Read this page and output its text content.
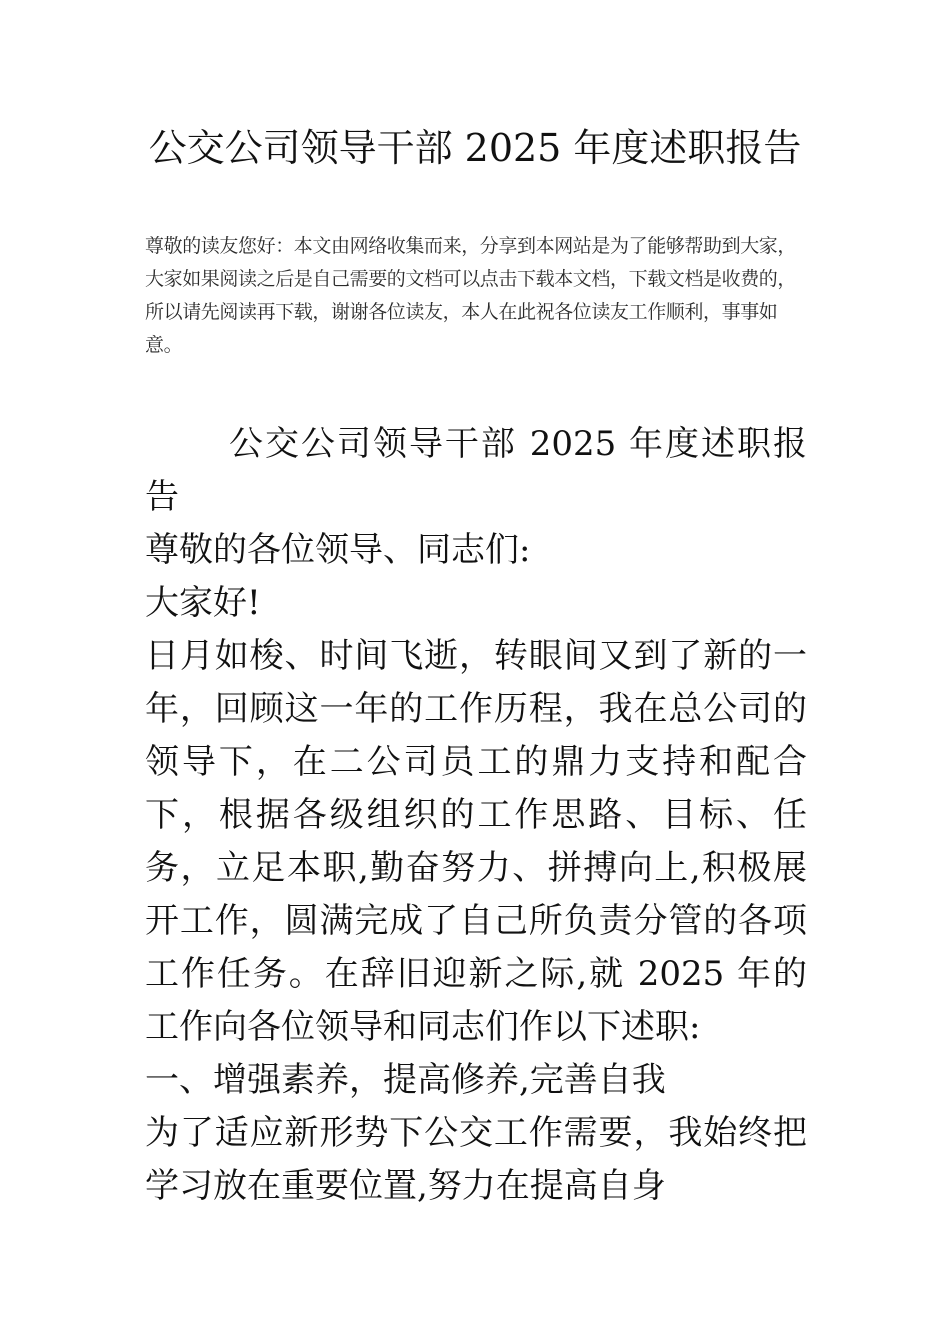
公交公司领导干部 2025 年度述职报告

尊敬的读友您好：本文由网络收集而来，分享到本网站是为了能够帮助到大家，大家如果阅读之后是自己需要的文档可以点击下载本文档，下载文档是收费的，所以请先阅读再下载，谢谢各位读友，本人在此祝各位读友工作顺利，事事如意。

公交公司领导干部 2025 年度述职报告

尊敬的各位领导、同志们:

大家好!

日月如梭、时间飞逝，转眼间又到了新的一年，回顾这一年的工作历程，我在总公司的领导下，在二公司员工的鼎力支持和配合下，根据各级组织的工作思路、目标、任务，立足本职,勤奋努力、拼搏向上,积极展开工作，圆满完成了自己所负责分管的各项工作任务。在辞旧迎新之际,就 2025 年的工作向各位领导和同志们作以下述职:

一、增强素养，提高修养,完善自我

为了适应新形势下公交工作需要，我始终把学习放在重要位置,努力在提高自身
